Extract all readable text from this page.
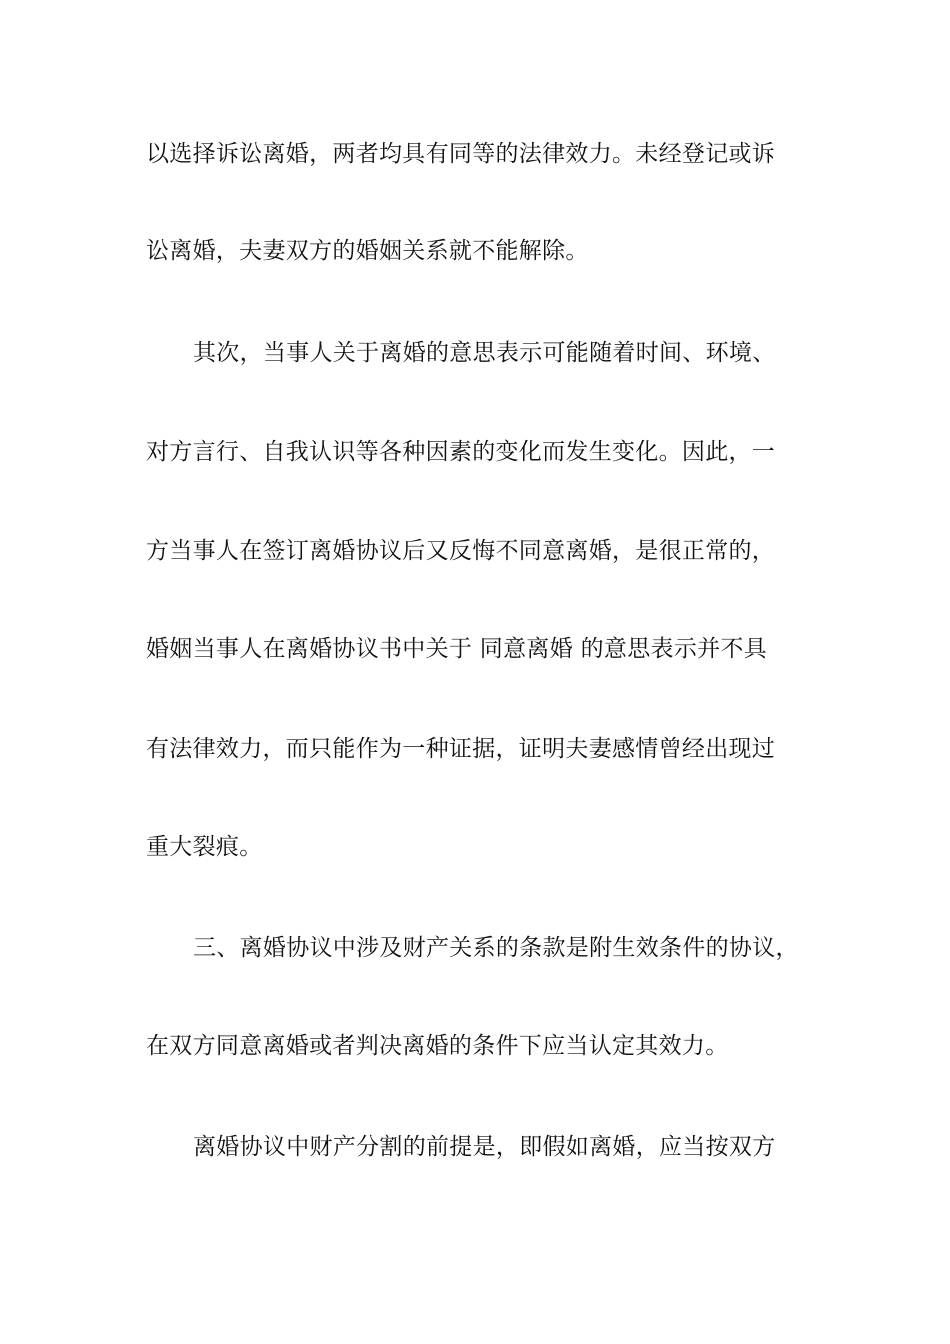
以选择诉讼离婚，两者均具有同等的法律效力。未经登记或诉
讼离婚，夫妻双方的婚姻关系就不能解除。
其次，当事人关于离婚的意思表示可能随着时间、环境、
对方言行、自我认识等各种因素的变化而发生变化。因此，一
方当事人在签订离婚协议后又反悔不同意离婚，是很正常的，
婚姻当事人在离婚协议书中关于 同意离婚 的意思表示并不具
有法律效力，而只能作为一种证据，证明夫妻感情曾经出现过
重大裂痕。
三、离婚协议中涉及财产关系的条款是附生效条件的协议，
在双方同意离婚或者判决离婚的条件下应当认定其效力。
离婚协议中财产分割的前提是，即假如离婚，应当按双方
